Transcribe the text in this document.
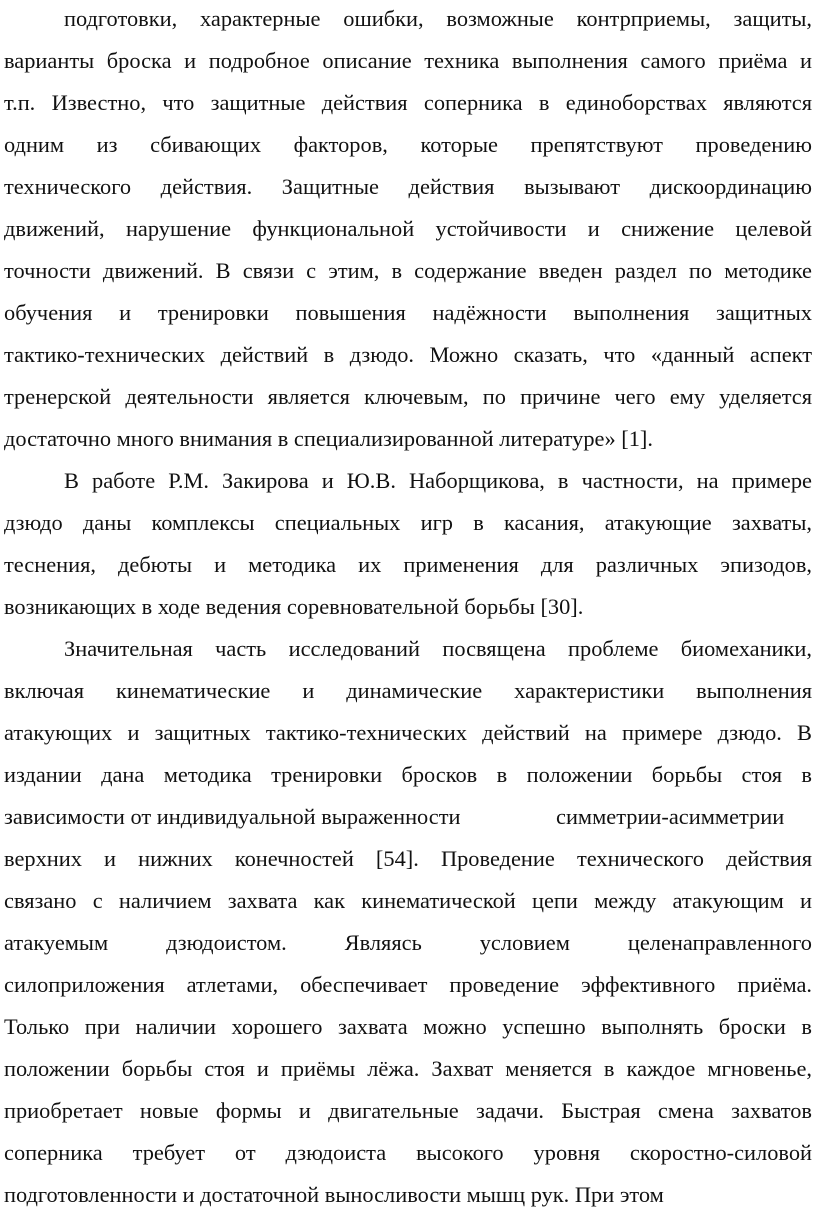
подготовки, характерные ошибки, возможные контрприемы, защиты,
варианты броска и подробное описание техника выполнения самого приёма и
т.п. Известно, что защитные действия соперника в единоборствах являются
одним из сбивающих факторов, которые препятствуют проведению
технического действия. Защитные действия вызывают дискоординацию
движений, нарушение функциональной устойчивости и снижение целевой
точности движений. В связи с этим, в содержание введен раздел по методике
обучения и тренировки повышения надёжности выполнения защитных
тактико-технических действий в дзюдо. Можно сказать, что «данный аспект
тренерской деятельности является ключевым, по причине чего ему уделяется
достаточно много внимания в специализированной литературе» [1].
В работе Р.М. Закирова и Ю.В. Наборщикова, в частности, на примере
дзюдо даны комплексы специальных игр в касания, атакующие захваты,
теснения, дебюты и методика их применения для различных эпизодов,
возникающих в ходе ведения соревновательной борьбы [30].
Значительная часть исследований посвящена проблеме биомеханики,
включая кинематические и динамические характеристики выполнения
атакующих и защитных тактико-технических действий на примере дзюдо. В
издании дана методика тренировки бросков в положении борьбы стоя в
зависимости от индивидуальной выраженности	симметрии-асимметрии
верхних и нижних конечностей [54]. Проведение технического действия
связано с наличием захвата как кинематической цепи между атакующим и
атакуемым дзюдоистом. Являясь условием целенаправленного
силоприложения атлетами, обеспечивает проведение эффективного приёма.
Только при наличии хорошего захвата можно успешно выполнять броски в
положении борьбы стоя и приёмы лёжа. Захват меняется в каждое мгновенье,
приобретает новые формы и двигательные задачи. Быстрая смена захватов
соперника требует от дзюдоиста высокого уровня скоростно-силовой
подготовленности и достаточной выносливости мышц рук. При этом
